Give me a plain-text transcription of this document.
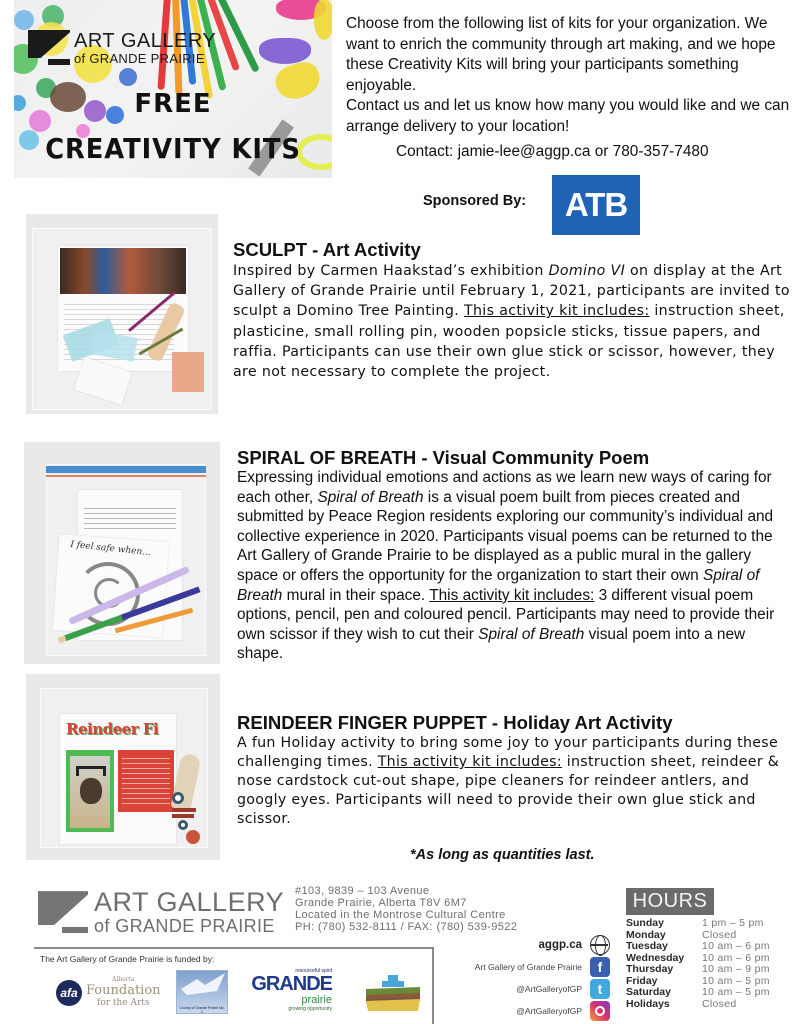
ART GALLERY
of GRANDE PRAIRIE
FREE
CREATIVITY KITS
Choose from the following list of kits for your organization. We want to enrich the community through art making, and we hope these Creativity Kits will bring your participants something enjoyable.
Contact us and let us know how many you would like and we can arrange delivery to your location!
Contact: jamie-lee@aggp.ca or 780-357-7480
Sponsored By:	ATB
SCULPT - Art Activity
Inspired by Carmen Haakstad’s exhibition Domino VI on display at the Art Gallery of Grande Prairie until February 1, 2021, participants are invited to sculpt a Domino Tree Painting. This activity kit includes: instruction sheet, plasticine, small rolling pin, wooden popsicle sticks, tissue papers, and raffia. Participants can use their own glue stick or scissor, however, they are not necessary to complete the project.
I feel safe when...
SPIRAL OF BREATH - Visual Community Poem
Expressing individual emotions and actions as we learn new ways of caring for each other, Spiral of Breath is a visual poem built from pieces created and submitted by Peace Region residents exploring our community’s individual and collective experience in 2020. Participants visual poems can be returned to the Art Gallery of Grande Prairie to be displayed as a public mural in the gallery space or offers the opportunity for the organization to start their own Spiral of Breath mural in their space. This activity kit includes: 3 different visual poem options, pencil, pen and coloured pencil. Participants may need to provide their own scissor if they wish to cut their Spiral of Breath visual poem into a new shape.
Reindeer Fi	REINDEER FINGER PUPPET - Holiday Art Activity
A fun Holiday activity to bring some joy to your participants during these challenging times. This activity kit includes: instruction sheet, reindeer & nose cardstock cut-out shape, pipe cleaners for reindeer antlers, and googly eyes. Participants will need to provide their own glue stick and scissor.
*As long as quantities last.
ART GALLERY
of GRANDE PRAIRIE
#103, 9839 – 103 Avenue
Grande Prairie, Alberta T8V 6M7
Located in the Montrose Cultural Centre
PH: (780) 532-8111 / FAX: (780) 539-9522
The Art Gallery of Grande Prairie is funded by:
afa
Alberta
Foundation
for the Arts	County of Grande Prairie No. 1
resourceful spirit
GRANDE
prairie
growing opportunity
aggp.ca
Art Gallery of Grande Prairie	f
@ArtGalleryofGP	t
@ArtGalleryofGP
HOURS
Sunday	1 pm – 5 pm
Monday	Closed
Tuesday	10 am – 6 pm
Wednesday	10 am – 6 pm
Thursday	10 am – 9 pm
Friday	10 am – 5 pm
Saturday	10 am – 5 pm
Holidays	Closed
